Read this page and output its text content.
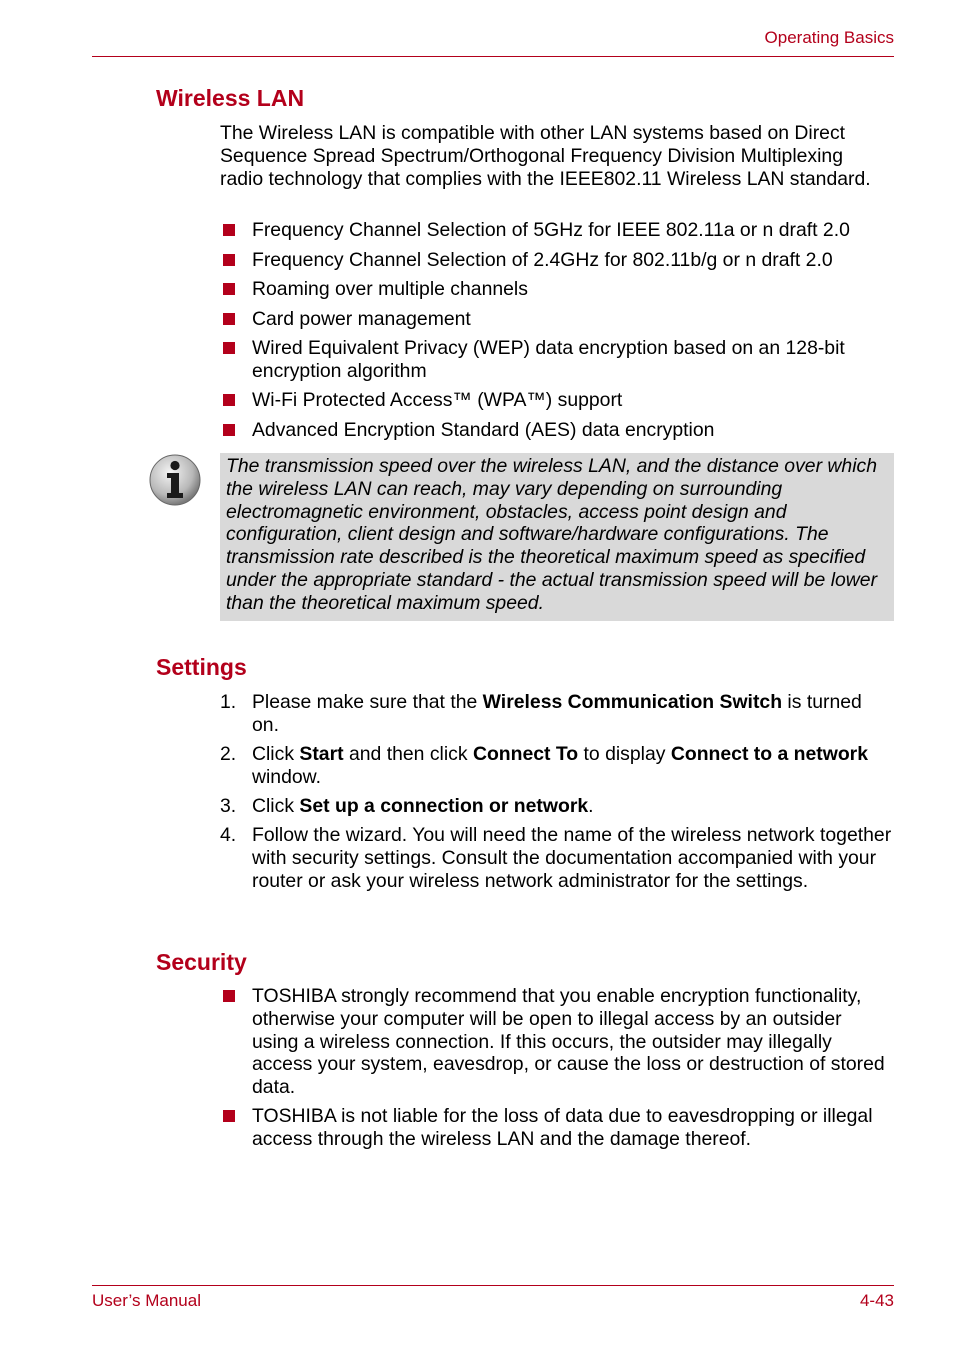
Operating Basics
Wireless LAN
The Wireless LAN is compatible with other LAN systems based on Direct Sequence Spread Spectrum/Orthogonal Frequency Division Multiplexing radio technology that complies with the IEEE802.11 Wireless LAN standard.
Frequency Channel Selection of 5GHz for IEEE 802.11a or n draft 2.0
Frequency Channel Selection of 2.4GHz for 802.11b/g or n draft 2.0
Roaming over multiple channels
Card power management
Wired Equivalent Privacy (WEP) data encryption based on an 128-bit encryption algorithm
Wi-Fi Protected Access™ (WPA™) support
Advanced Encryption Standard (AES) data encryption
The transmission speed over the wireless LAN, and the distance over which the wireless LAN can reach, may vary depending on surrounding electromagnetic environment, obstacles, access point design and configuration, client design and software/hardware configurations. The transmission rate described is the theoretical maximum speed as specified under the appropriate standard - the actual transmission speed will be lower than the theoretical maximum speed.
Settings
1. Please make sure that the Wireless Communication Switch is turned on.
2. Click Start and then click Connect To to display Connect to a network window.
3. Click Set up a connection or network.
4. Follow the wizard. You will need the name of the wireless network together with security settings. Consult the documentation accompanied with your router or ask your wireless network administrator for the settings.
Security
TOSHIBA strongly recommend that you enable encryption functionality, otherwise your computer will be open to illegal access by an outsider using a wireless connection. If this occurs, the outsider may illegally access your system, eavesdrop, or cause the loss or destruction of stored data.
TOSHIBA is not liable for the loss of data due to eavesdropping or illegal access through the wireless LAN and the damage thereof.
User’s Manual	4-43
